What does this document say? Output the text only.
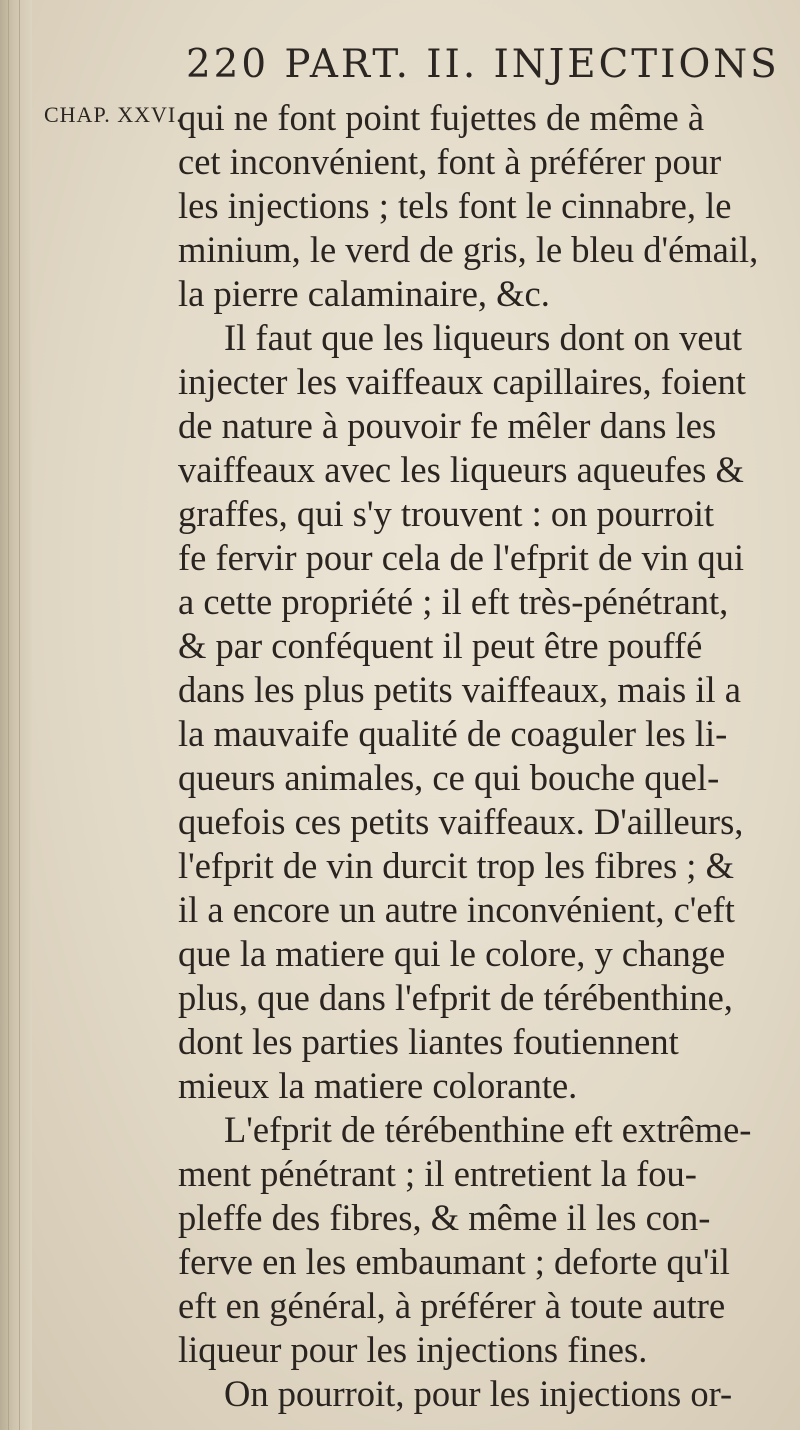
220 PART. II. INJECTIONS
CHAP. XXVI.
qui ne font point fujettes de même à
cet inconvénient, font à préférer pour
les injections ; tels font le cinnabre, le
minium, le verd de gris, le bleu d'émail,
la pierre calaminaire, &c.
Il faut que les liqueurs dont on veut
injecter les vaiffeaux capillaires, foient
de nature à pouvoir fe mêler dans les
vaiffeaux avec les liqueurs aqueufes &
graffes, qui s'y trouvent : on pourroit
fe fervir pour cela de l'efprit de vin qui
a cette propriété ; il eft très-pénétrant,
& par conféquent il peut être pouffé
dans les plus petits vaiffeaux, mais il a
la mauvaife qualité de coaguler les li-
queurs animales, ce qui bouche quel-
quefois ces petits vaiffeaux. D'ailleurs,
l'efprit de vin durcit trop les fibres ; &
il a encore un autre inconvénient, c'eft
que la matiere qui le colore, y change
plus, que dans l'efprit de térébenthine,
dont les parties liantes foutiennent
mieux la matiere colorante.
L'efprit de térébenthine eft extrême-
ment pénétrant ; il entretient la fou-
pleffe des fibres, & même il les con-
ferve en les embaumant ; deforte qu'il
eft en général, à préférer à toute autre
liqueur pour les injections fines.
On pourroit, pour les injections or-
